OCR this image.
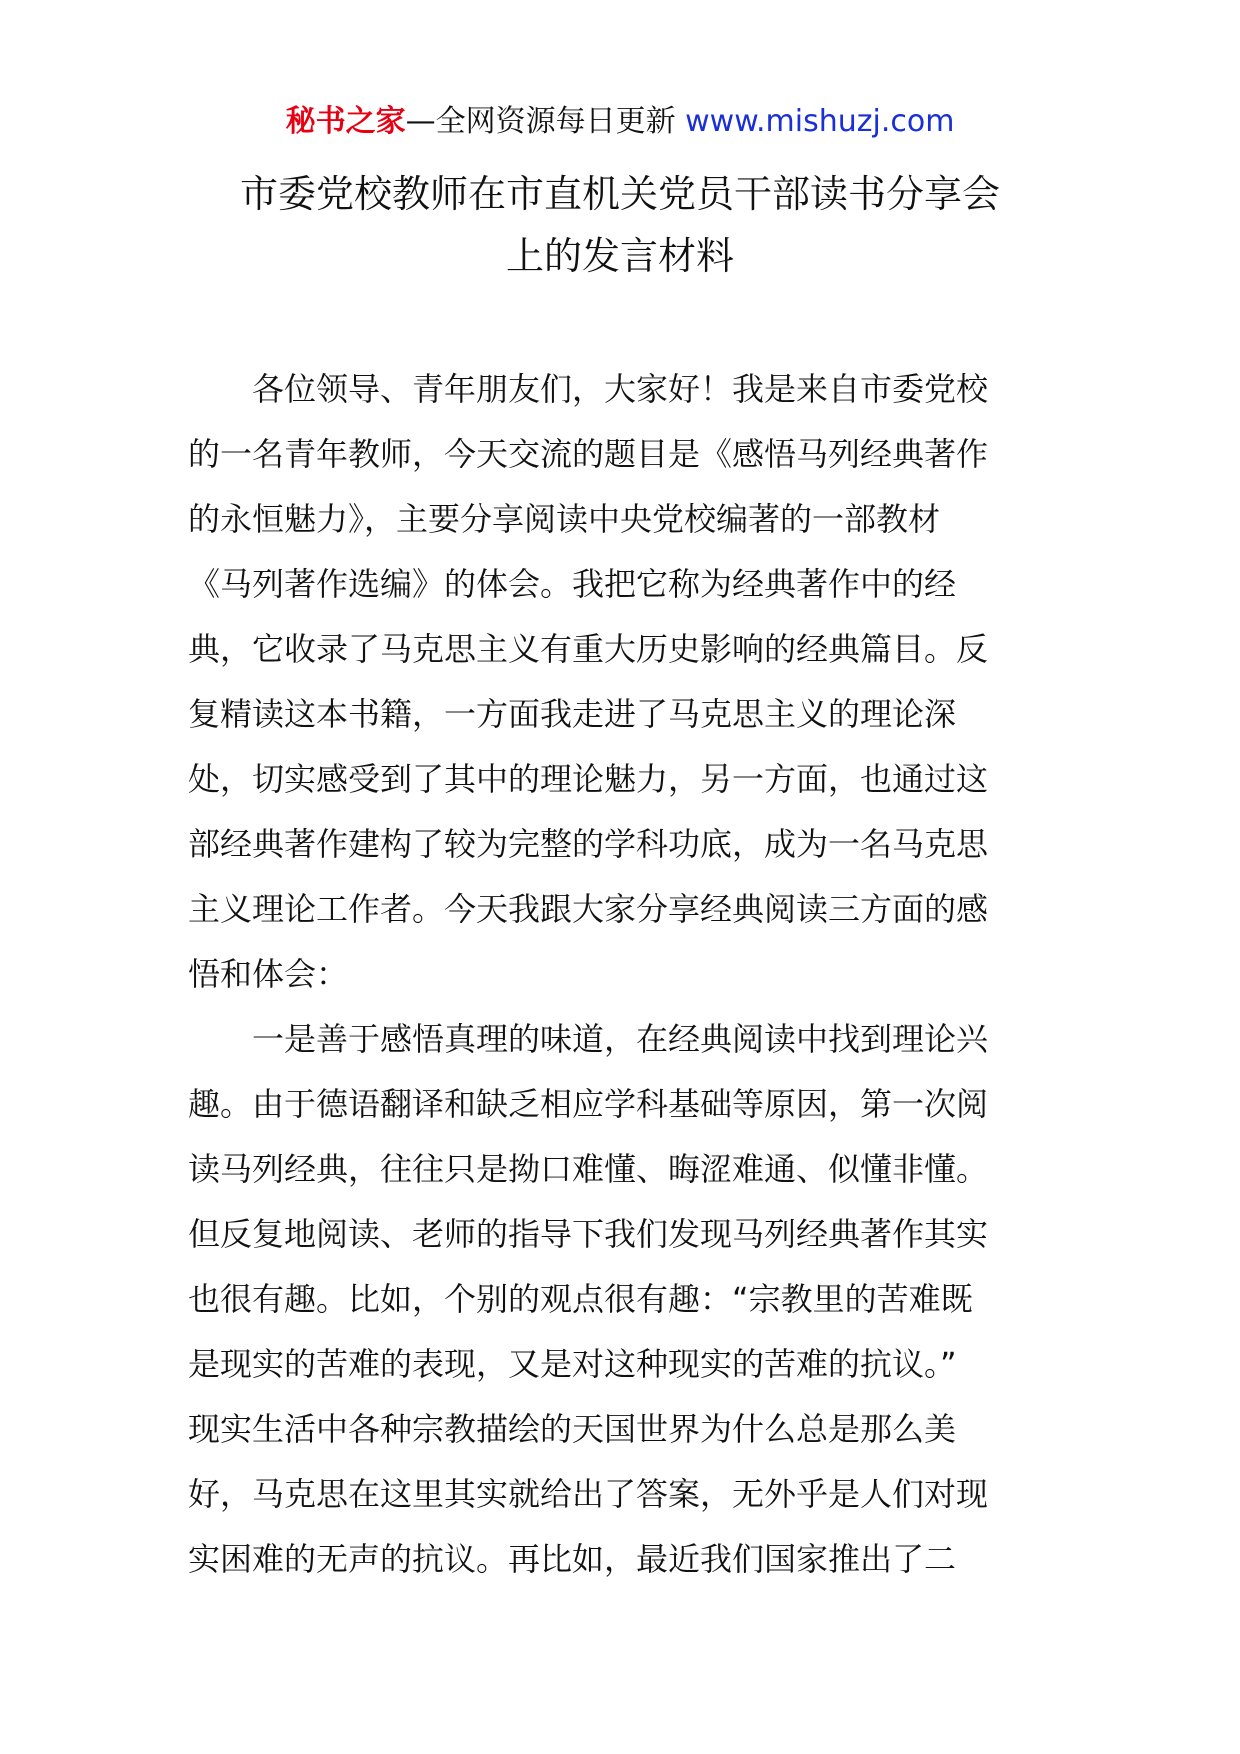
秘书之家—全网资源每日更新 www.mishuzj.com
市委党校教师在市直机关党员干部读书分享会
上的发言材料
各位领导、青年朋友们，大家好！我是来自市委党校
的一名青年教师，今天交流的题目是《感悟马列经典著作
的永恒魅力》，主要分享阅读中央党校编著的一部教材
《马列著作选编》的体会。我把它称为经典著作中的经
典，它收录了马克思主义有重大历史影响的经典篇目。反
复精读这本书籍，一方面我走进了马克思主义的理论深
处，切实感受到了其中的理论魅力，另一方面，也通过这
部经典著作建构了较为完整的学科功底，成为一名马克思
主义理论工作者。今天我跟大家分享经典阅读三方面的感
悟和体会：
一是善于感悟真理的味道，在经典阅读中找到理论兴
趣。由于德语翻译和缺乏相应学科基础等原因，第一次阅
读马列经典，往往只是拗口难懂、晦涩难通、似懂非懂。
但反复地阅读、老师的指导下我们发现马列经典著作其实
也很有趣。比如，个别的观点很有趣：“宗教里的苦难既
是现实的苦难的表现，又是对这种现实的苦难的抗议。”
现实生活中各种宗教描绘的天国世界为什么总是那么美
好，马克思在这里其实就给出了答案，无外乎是人们对现
实困难的无声的抗议。再比如，最近我们国家推出了二
